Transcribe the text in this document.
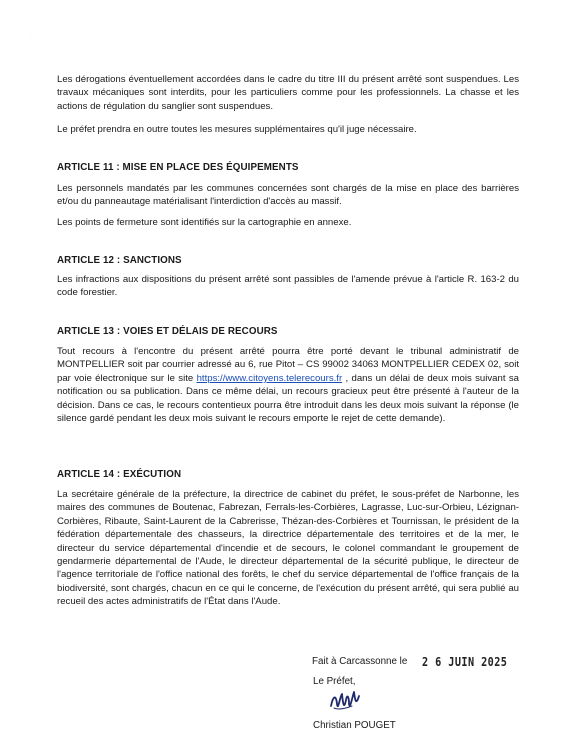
·

Les dérogations éventuellement accordées dans le cadre du titre III du présent arrêté sont suspendues. Les travaux mécaniques sont interdits, pour les particuliers comme pour les professionnels. La chasse et les actions de régulation du sanglier sont suspendues.

Le préfet prendra en outre toutes les mesures supplémentaires qu'il juge nécessaire.

ARTICLE 11 : MISE EN PLACE DES ÉQUIPEMENTS

Les personnels mandatés par les communes concernées sont chargés de la mise en place des barrières et/ou du panneautage matérialisant l'interdiction d'accès au massif.

Les points de fermeture sont identifiés sur la cartographie en annexe.

ARTICLE 12 : SANCTIONS

Les infractions aux dispositions du présent arrêté sont passibles de l'amende prévue à l'article R. 163-2 du code forestier.

ARTICLE 13 : VOIES ET DÉLAIS DE RECOURS

Tout recours à l'encontre du présent arrêté pourra être porté devant le tribunal administratif de MONTPELLIER soit par courrier adressé au 6, rue Pitot – CS 99002 34063 MONTPELLIER CEDEX 02, soit par voie électronique sur le site https://www.citoyens.telerecours.fr , dans un délai de deux mois suivant sa notification ou sa publication. Dans ce même délai, un recours gracieux peut être présenté à l'auteur de la décision. Dans ce cas, le recours contentieux pourra être introduit dans les deux mois suivant la réponse (le silence gardé pendant les deux mois suivant le recours emporte le rejet de cette demande).

ARTICLE 14 : EXÉCUTION

La secrétaire générale de la préfecture, la directrice de cabinet du préfet, le sous-préfet de Narbonne, les maires des communes de Boutenac, Fabrezan, Ferrals-les-Corbières, Lagrasse, Luc-sur-Orbieu, Lézignan-Corbières, Ribaute, Saint-Laurent de la Cabrerisse, Thézan-des-Corbières et Tournissan, le président de la fédération départementale des chasseurs, la directrice départementale des territoires et de la mer, le directeur du service départemental d'incendie et de secours, le colonel commandant le groupement de gendarmerie départemental de l'Aude, le directeur départemental de la sécurité publique, le directeur de l'agence territoriale de l'office national des forêts, le chef du service départemental de l'office français de la biodiversité, sont chargés, chacun en ce qui le concerne, de l'exécution du présent arrêté, qui sera publié au recueil des actes administratifs de l'État dans l'Aude.

Fait à Carcassonne le 2 6 JUIN 2025

Le Préfet,

Christian POUGET
